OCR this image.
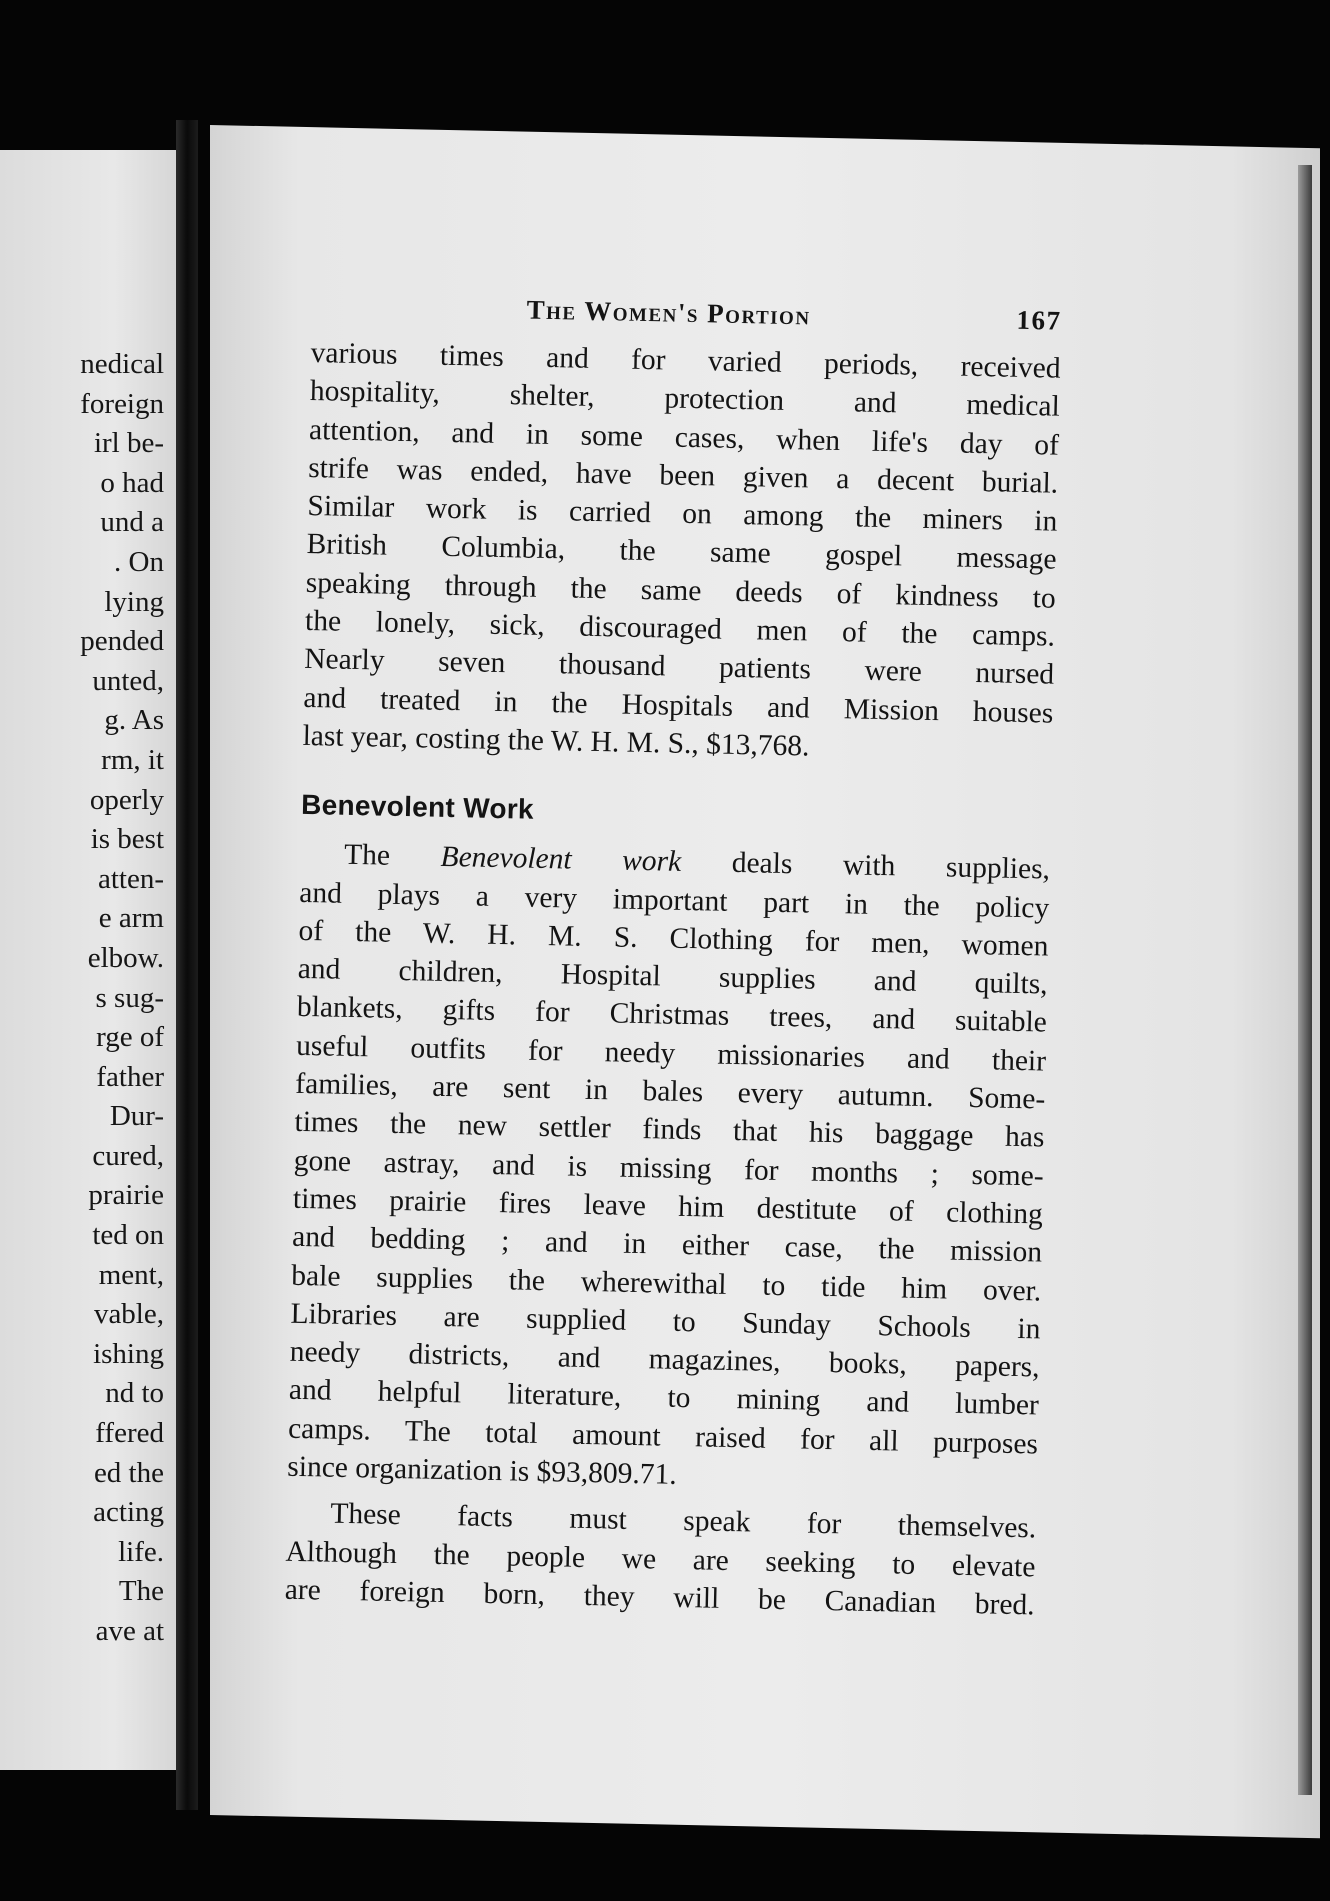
nedical
foreign
irl be-
o had
und a
. On
lying
pended
unted,
g. As
rm, it
operly
is best
atten-
e arm
elbow.
s sug-
rge of
father
Dur-
cured,
prairie
ted on
ment,
vable,
ishing
nd to
ffered
ed the
acting
life.
The
ave at
The Women's Portion	167

various times and for varied periods, received
hospitality, shelter, protection and medical
attention, and in some cases, when life's day of
strife was ended, have been given a decent burial.
Similar work is carried on among the miners in
British Columbia, the same gospel message
speaking through the same deeds of kindness to
the lonely, sick, discouraged men of the camps.
Nearly seven thousand patients were nursed
and treated in the Hospitals and Mission houses
last year, costing the W. H. M. S., $13,768.

Benevolent Work

The Benevolent work deals with supplies,
and plays a very important part in the policy
of the W. H. M. S. Clothing for men, women
and children, Hospital supplies and quilts,
blankets, gifts for Christmas trees, and suitable
useful outfits for needy missionaries and their
families, are sent in bales every autumn. Some-
times the new settler finds that his baggage has
gone astray, and is missing for months ; some-
times prairie fires leave him destitute of clothing
and bedding ; and in either case, the mission
bale supplies the wherewithal to tide him over.
Libraries are supplied to Sunday Schools in
needy districts, and magazines, books, papers,
and helpful literature, to mining and lumber
camps. The total amount raised for all purposes
since organization is $93,809.71.

These facts must speak for themselves.
Although the people we are seeking to elevate
are foreign born, they will be Canadian bred.
